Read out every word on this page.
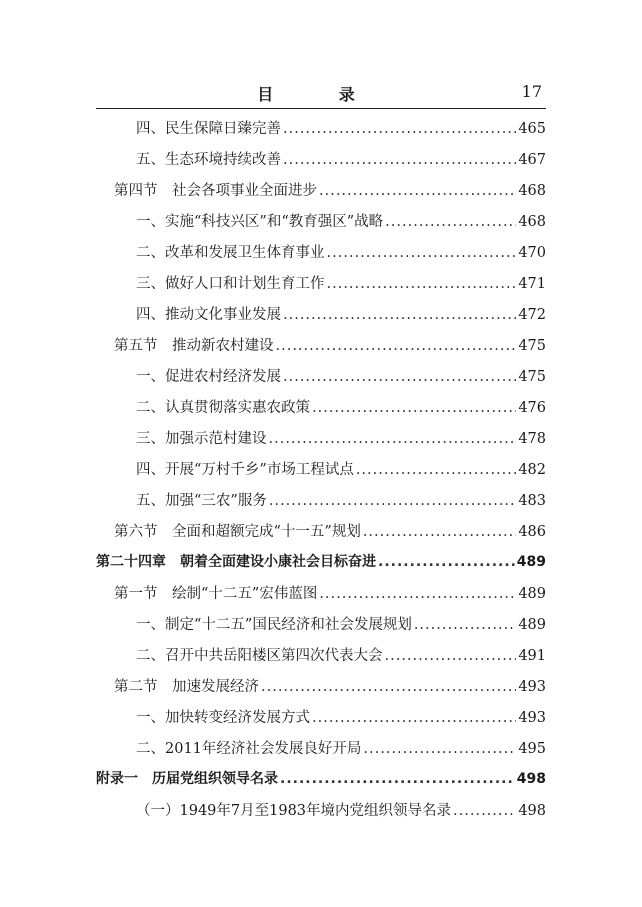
目 录	17
四、民生保障日臻完善 .....	465
五、生态环境持续改善 .....	467
第四节　社会各项事业全面进步 .....	468
一、实施“科技兴区”和“教育强区”战略 .....	468
二、改革和发展卫生体育事业 .....	470
三、做好人口和计划生育工作 .....	471
四、推动文化事业发展 .....	472
第五节　推动新农村建设 .....	475
一、促进农村经济发展 .....	475
二、认真贯彻落实惠农政策 .....	476
三、加强示范村建设 .....	478
四、开展“万村千乡”市场工程试点 .....	482
五、加强“三农”服务 .....	483
第六节　全面和超额完成“十一五”规划 .....	486
第二十四章　朝着全面建设小康社会目标奋进 .....	489
第一节　绘制“十二五”宏伟蓝图 .....	489
一、制定“十二五”国民经济和社会发展规划 .....	489
二、召开中共岳阳楼区第四次代表大会 .....	491
第二节　加速发展经济 .....	493
一、加快转变经济发展方式 .....	493
二、2011年经济社会发展良好开局 .....	495
附录一　历届党组织领导名录 .....	498
（一）1949年7月至1983年境内党组织领导名录 .....	498
